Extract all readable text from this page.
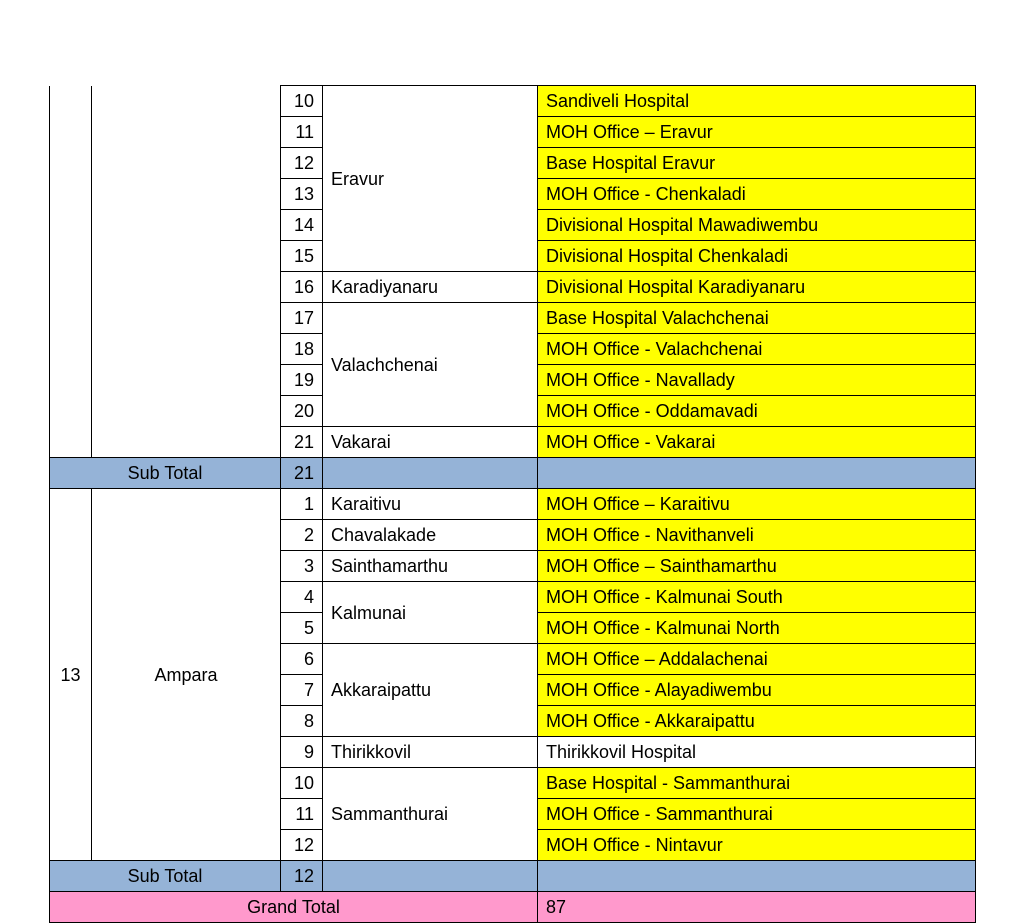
		10	Eravur	Sandiveli Hospital
		11		MOH Office – Eravur
		12		Base Hospital Eravur
		13		MOH Office - Chenkaladi
		14		Divisional Hospital Mawadiwembu
		15		Divisional Hospital Chenkaladi
		16	Karadiyanaru	Divisional Hospital Karadiyanaru
		17	Valachchenai	Base Hospital Valachchenai
		18		MOH Office - Valachchenai
		19		MOH Office - Navallady
		20		MOH Office - Oddamavadi
		21	Vakarai	MOH Office - Vakarai
Sub Total		21		
13	Ampara	1	Karaitivu	MOH Office – Karaitivu
		2	Chavalakade	MOH Office - Navithanveli
		3	Sainthamarthu	MOH Office – Sainthamarthu
		4	Kalmunai	MOH Office - Kalmunai South
		5		MOH Office - Kalmunai North
		6	Akkaraipattu	MOH Office – Addalachenai
		7		MOH Office - Alayadiwembu
		8		MOH Office - Akkaraipattu
		9	Thirikkovil	Thirikkovil Hospital
		10	Sammanthurai	Base Hospital - Sammanthurai
		11		MOH Office - Sammanthurai
		12		MOH Office - Nintavur
Sub Total		12		
Grand Total				87
